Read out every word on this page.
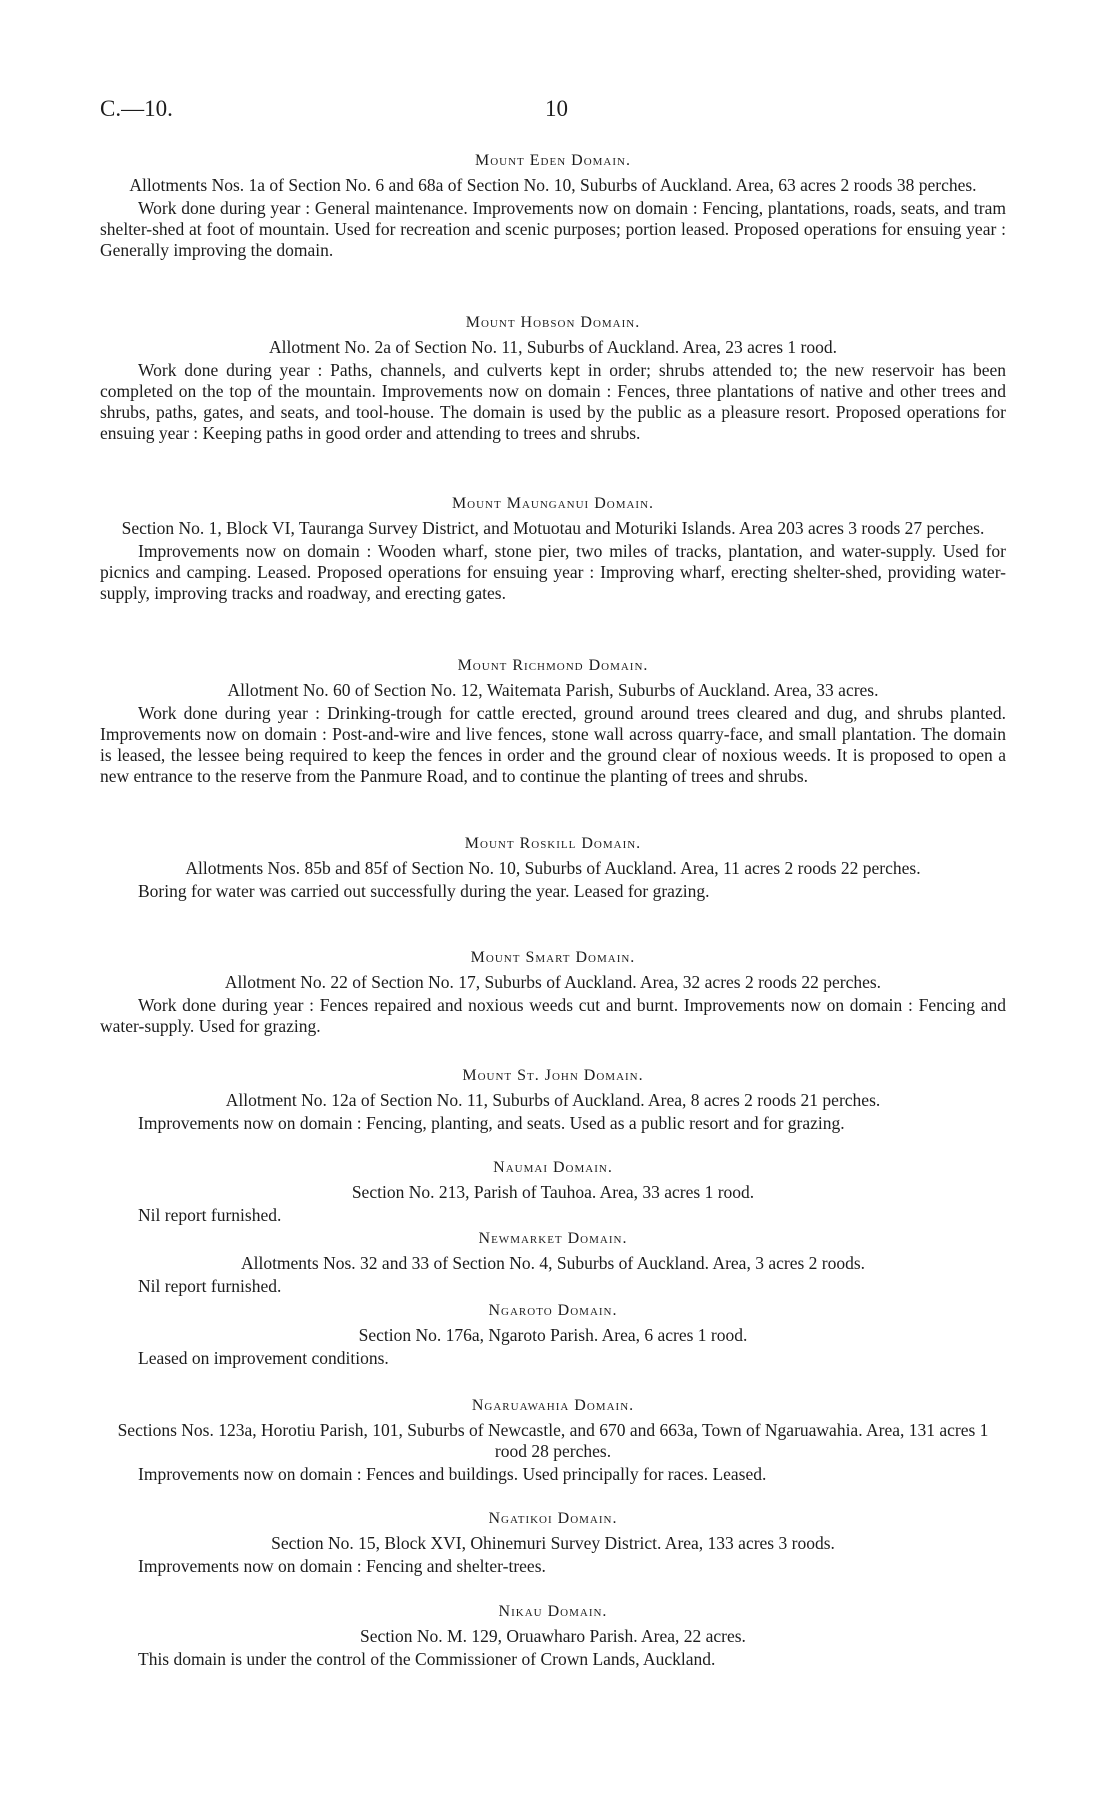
C.—10.	10
Mount Eden Domain.
Allotments Nos. 1a of Section No. 6 and 68a of Section No. 10, Suburbs of Auckland. Area, 63 acres 2 roods 38 perches.
Work done during year : General maintenance. Improvements now on domain : Fencing, plantations, roads, seats, and tram shelter-shed at foot of mountain. Used for recreation and scenic purposes; portion leased. Proposed operations for ensuing year : Generally improving the domain.
Mount Hobson Domain.
Allotment No. 2a of Section No. 11, Suburbs of Auckland. Area, 23 acres 1 rood.
Work done during year : Paths, channels, and culverts kept in order; shrubs attended to; the new reservoir has been completed on the top of the mountain. Improvements now on domain : Fences, three plantations of native and other trees and shrubs, paths, gates, and seats, and tool-house. The domain is used by the public as a pleasure resort. Proposed operations for ensuing year : Keeping paths in good order and attending to trees and shrubs.
Mount Maunganui Domain.
Section No. 1, Block VI, Tauranga Survey District, and Motuotau and Moturiki Islands. Area 203 acres 3 roods 27 perches.
Improvements now on domain : Wooden wharf, stone pier, two miles of tracks, plantation, and water-supply. Used for picnics and camping. Leased. Proposed operations for ensuing year : Improving wharf, erecting shelter-shed, providing water-supply, improving tracks and roadway, and erecting gates.
Mount Richmond Domain.
Allotment No. 60 of Section No. 12, Waitemata Parish, Suburbs of Auckland. Area, 33 acres.
Work done during year : Drinking-trough for cattle erected, ground around trees cleared and dug, and shrubs planted. Improvements now on domain : Post-and-wire and live fences, stone wall across quarry-face, and small plantation. The domain is leased, the lessee being required to keep the fences in order and the ground clear of noxious weeds. It is proposed to open a new entrance to the reserve from the Panmure Road, and to continue the planting of trees and shrubs.
Mount Roskill Domain.
Allotments Nos. 85b and 85f of Section No. 10, Suburbs of Auckland. Area, 11 acres 2 roods 22 perches.
Boring for water was carried out successfully during the year. Leased for grazing.
Mount Smart Domain.
Allotment No. 22 of Section No. 17, Suburbs of Auckland. Area, 32 acres 2 roods 22 perches.
Work done during year : Fences repaired and noxious weeds cut and burnt. Improvements now on domain : Fencing and water-supply. Used for grazing.
Mount St. John Domain.
Allotment No. 12a of Section No. 11, Suburbs of Auckland. Area, 8 acres 2 roods 21 perches.
Improvements now on domain : Fencing, planting, and seats. Used as a public resort and for grazing.
Naumai Domain.
Section No. 213, Parish of Tauhoa. Area, 33 acres 1 rood.
Nil report furnished.
Newmarket Domain.
Allotments Nos. 32 and 33 of Section No. 4, Suburbs of Auckland. Area, 3 acres 2 roods.
Nil report furnished.
Ngaroto Domain.
Section No. 176a, Ngaroto Parish. Area, 6 acres 1 rood.
Leased on improvement conditions.
Ngaruawahia Domain.
Sections Nos. 123a, Horotiu Parish, 101, Suburbs of Newcastle, and 670 and 663a, Town of Ngaruawahia. Area, 131 acres 1 rood 28 perches.
Improvements now on domain : Fences and buildings. Used principally for races. Leased.
Ngatikoi Domain.
Section No. 15, Block XVI, Ohinemuri Survey District. Area, 133 acres 3 roods.
Improvements now on domain : Fencing and shelter-trees.
Nikau Domain.
Section No. M. 129, Oruawharo Parish. Area, 22 acres.
This domain is under the control of the Commissioner of Crown Lands, Auckland.
